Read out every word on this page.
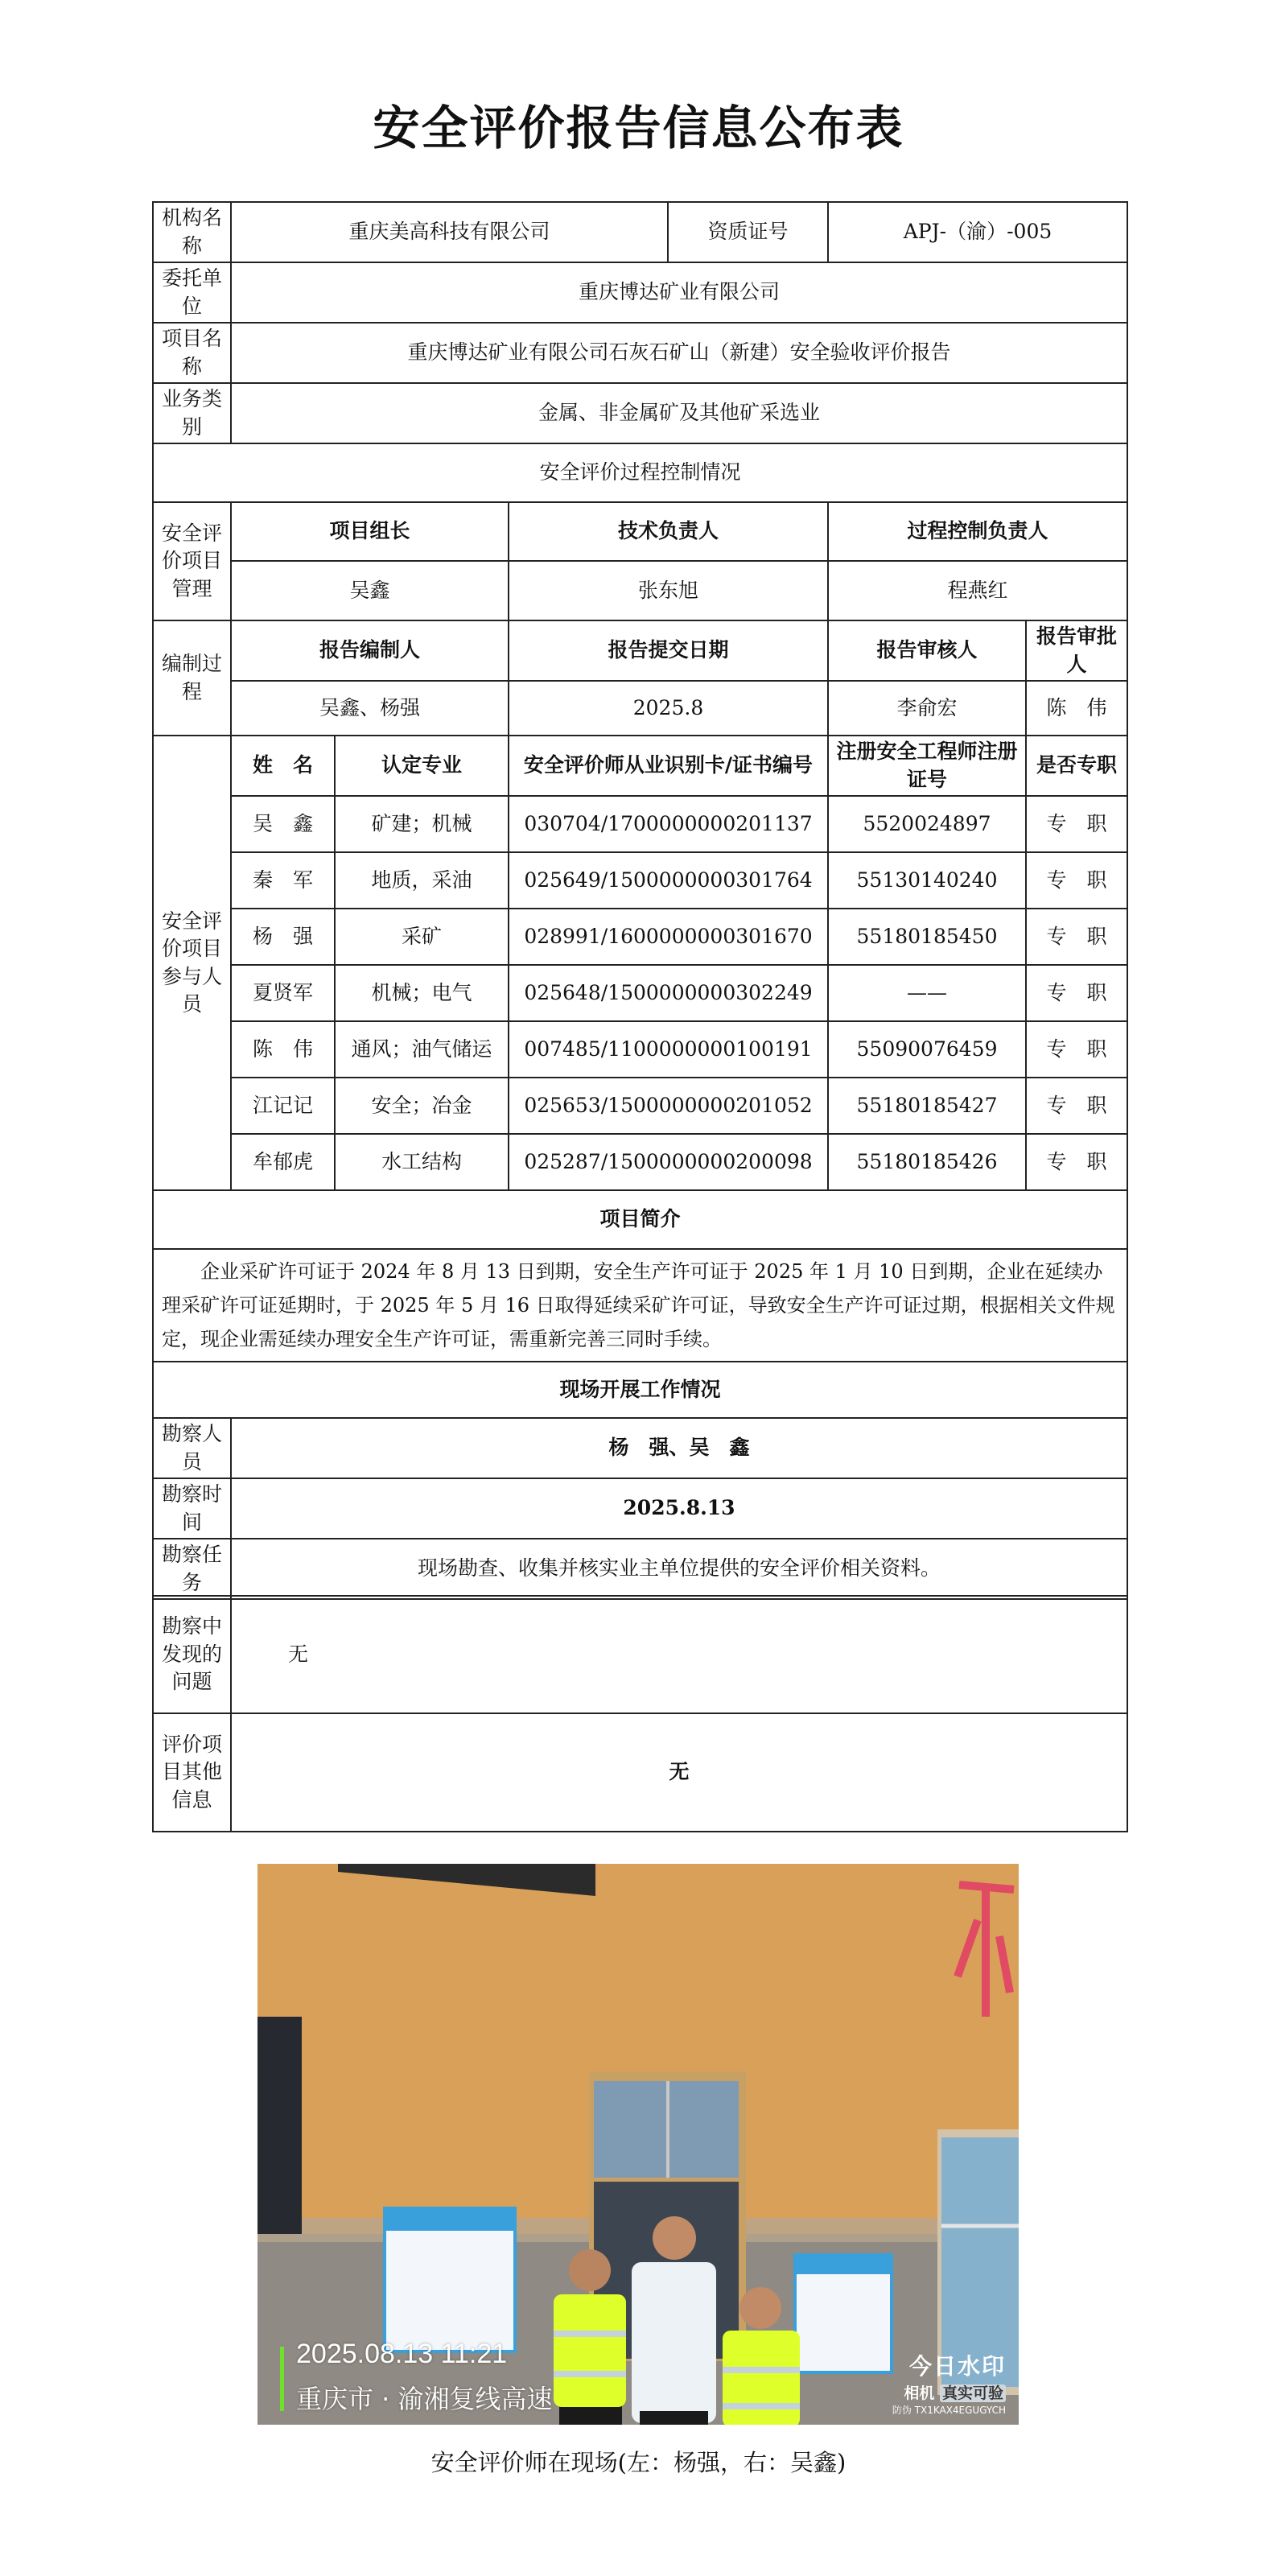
安全评价报告信息公布表
机构名称	重庆美高科技有限公司			资质证号	APJ-（渝）-005	
委托单位	重庆博达矿业有限公司					
项目名称	重庆博达矿业有限公司石灰石矿山（新建）安全验收评价报告					
业务类别	金属、非金属矿及其他矿采选业					
安全评价过程控制情况						
安全评价项目管理	项目组长		技术负责人		过程控制负责人	
	吴鑫		张东旭		程燕红	
编制过程	报告编制人		报告提交日期		报告审核人	报告审批人
	吴鑫、杨强		2025.8		李俞宏	陈　伟
安全评价项目参与人员	姓　名	认定专业	安全评价师从业识别卡/证书编号		注册安全工程师注册证号	是否专职
	吴　鑫	矿建；机械	030704/1700000000201137		5520024897	专　职
	秦　军	地质，采油	025649/1500000000301764		55130140240	专　职
	杨　强	采矿	028991/1600000000301670		55180185450	专　职
	夏贤军	机械；电气	025648/1500000000302249		——	专　职
	陈　伟	通风；油气储运	007485/1100000000100191		55090076459	专　职
	江记记	安全；冶金	025653/1500000000201052		55180185427	专　职
	牟郁虎	水工结构	025287/1500000000200098		55180185426	专　职
项目简介						
企业采矿许可证于 2024 年 8 月 13 日到期，安全生产许可证于 2025 年 1 月 10 日到期，企业在延续办理采矿许可证延期时，于 2025 年 5 月 16 日取得延续采矿许可证，导致安全生产许可证过期，根据相关文件规定，现企业需延续办理安全生产许可证，需重新完善三同时手续。						
现场开展工作情况						
勘察人员	杨　强、吴　鑫					
勘察时间	2025.8.13					
勘察任务	现场勘查、收集并核实业主单位提供的安全评价相关资料。					
勘察中发现的问题	无
评价项目其他信息	无
2025.08.13 11:21
重庆市 · 渝湘复线高速
今日水印
相机 真实可验
防伪 TX1KAX4EGUGYCH
安全评价师在现场(左：杨强，右：吴鑫)
